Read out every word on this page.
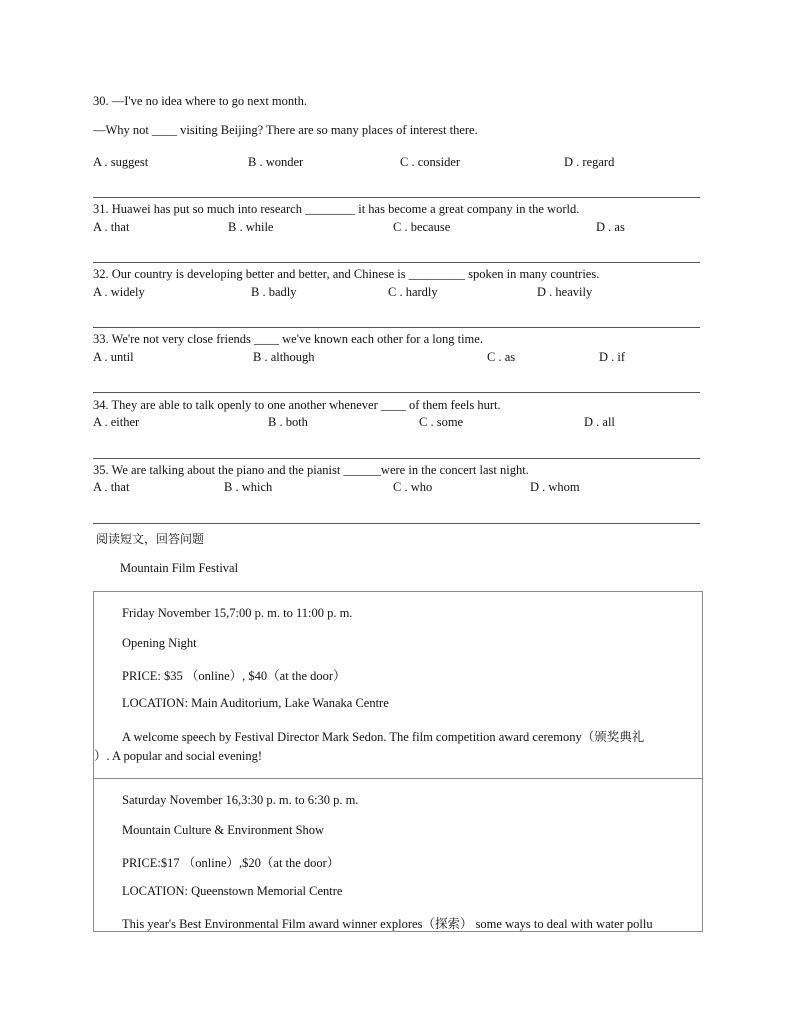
30. —I've no idea where to go next month.
—Why not ____ visiting Beijing? There are so many places of interest there.
A . suggest	B . wonder	C . consider	D . regard
31. Huawei has put so much into research ________ it has become a great company in the world.
A . that	B . while	C . because	D . as
32. Our country is developing better and better, and Chinese is _________ spoken in many countries.
A . widely	B . badly	C . hardly	D . heavily
33. We're not very close friends ____ we've known each other for a long time.
A . until	B . although	C . as	D . if
34. They are able to talk openly to one another whenever ____ of them feels hurt.
A . either	B . both	C . some	D . all
35. We are talking about the piano and the pianist ______were in the concert last night.
A . that	B . which	C . who	D . whom
阅读短文，回答问题
Mountain Film Festival
Friday November 15,7:00 p. m. to 11:00 p. m.
Opening Night
PRICE: $35 （online）, $40（at the door）
LOCATION: Main Auditorium, Lake Wanaka Centre
A welcome speech by Festival Director Mark Sedon. The film competition award ceremony（颁奖典礼
）. A popular and social evening!
Saturday November 16,3:30 p. m. to 6:30 p. m.
Mountain Culture & Environment Show
PRICE:$17 （online）,$20（at the door）
LOCATION: Queenstown Memorial Centre
This year's Best Environmental Film award winner explores（探索） some ways to deal with water pollu
